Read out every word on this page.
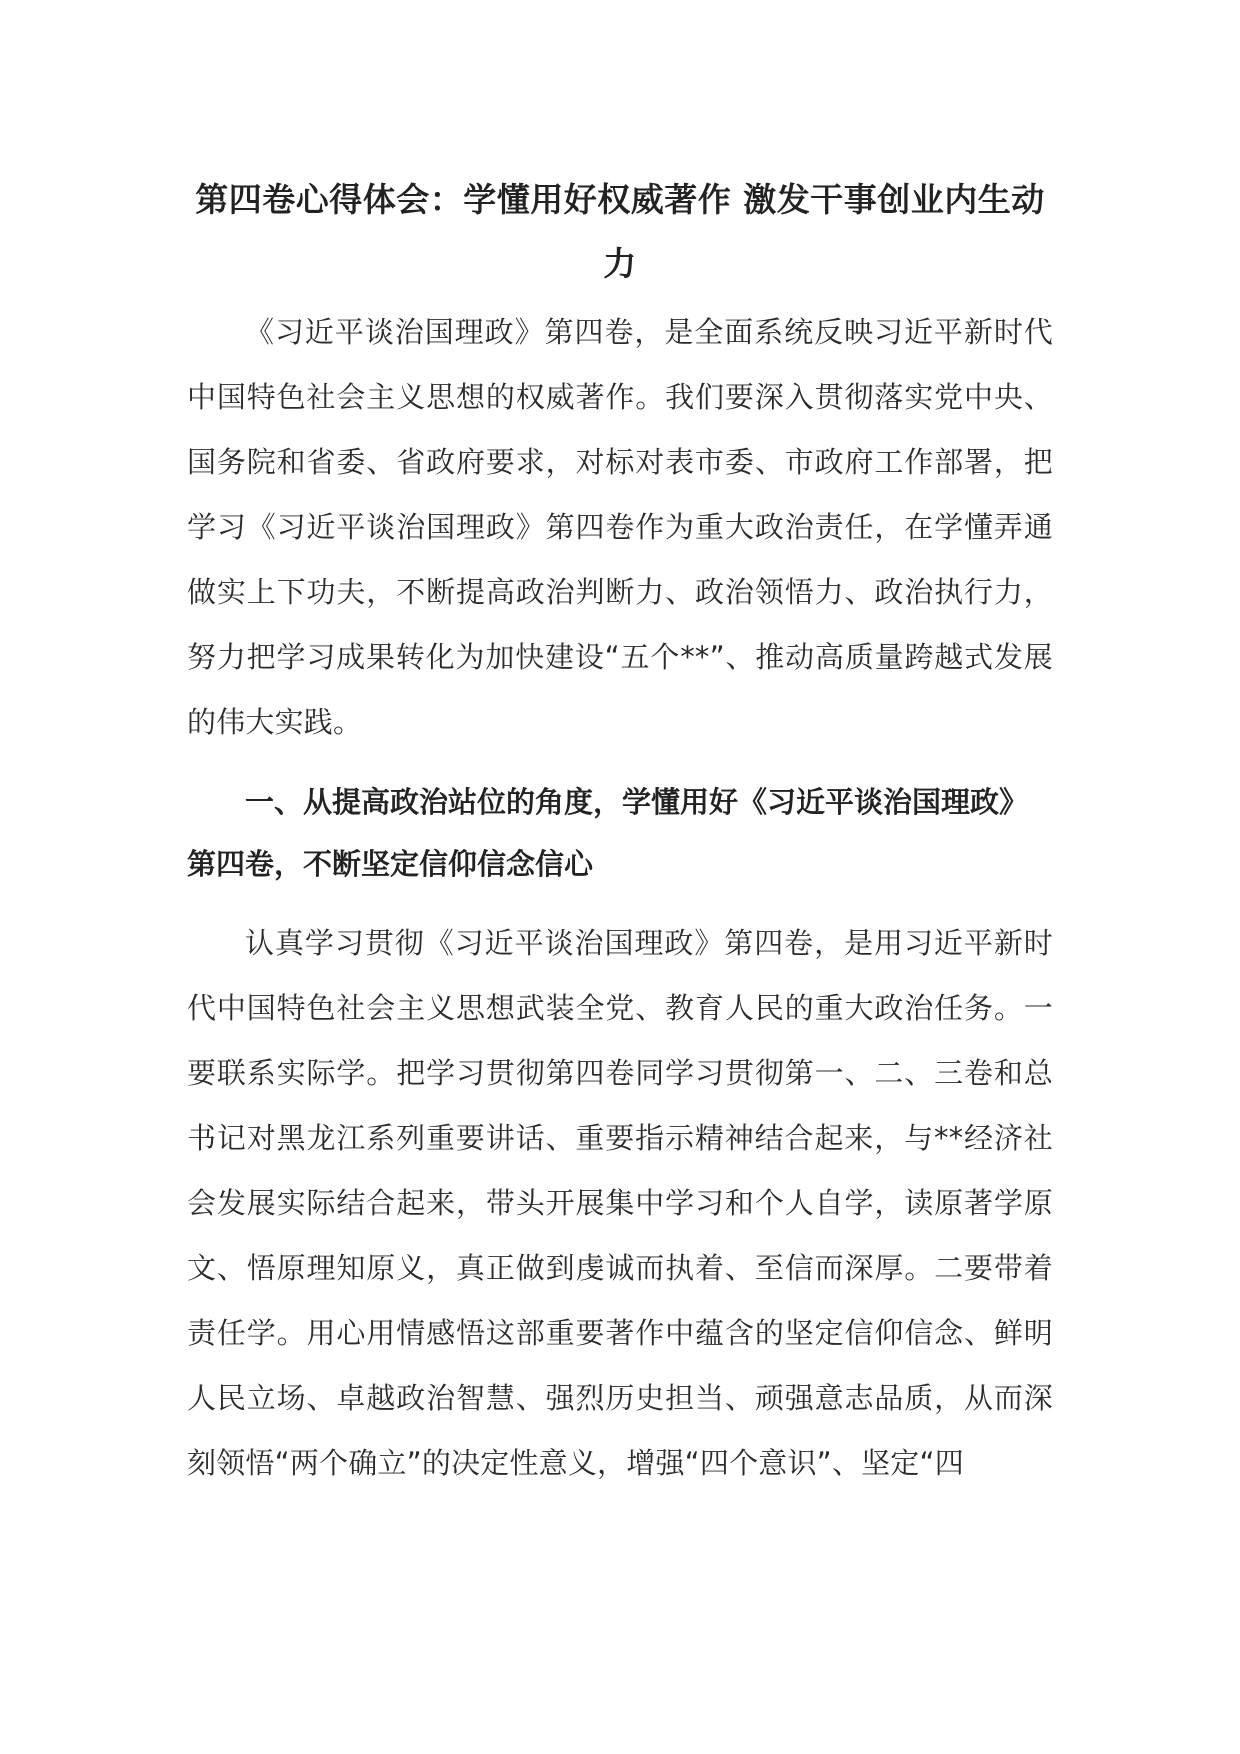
第四卷心得体会：学懂用好权威著作 激发干事创业内生动力

《习近平谈治国理政》第四卷，是全面系统反映习近平新时代中国特色社会主义思想的权威著作。我们要深入贯彻落实党中央、国务院和省委、省政府要求，对标对表市委、市政府工作部署，把学习《习近平谈治国理政》第四卷作为重大政治责任，在学懂弄通做实上下功夫，不断提高政治判断力、政治领悟力、政治执行力，努力把学习成果转化为加快建设“五个**”、推动高质量跨越式发展的伟大实践。

一、从提高政治站位的角度，学懂用好《习近平谈治国理政》第四卷，不断坚定信仰信念信心

认真学习贯彻《习近平谈治国理政》第四卷，是用习近平新时代中国特色社会主义思想武装全党、教育人民的重大政治任务。一要联系实际学。把学习贯彻第四卷同学习贯彻第一、二、三卷和总书记对黑龙江系列重要讲话、重要指示精神结合起来，与**经济社会发展实际结合起来，带头开展集中学习和个人自学，读原著学原文、悟原理知原义，真正做到虔诚而执着、至信而深厚。二要带着责任学。用心用情感悟这部重要著作中蕴含的坚定信仰信念、鲜明人民立场、卓越政治智慧、强烈历史担当、顽强意志品质，从而深刻领悟“两个确立”的决定性意义，增强“四个意识”、坚定“四
